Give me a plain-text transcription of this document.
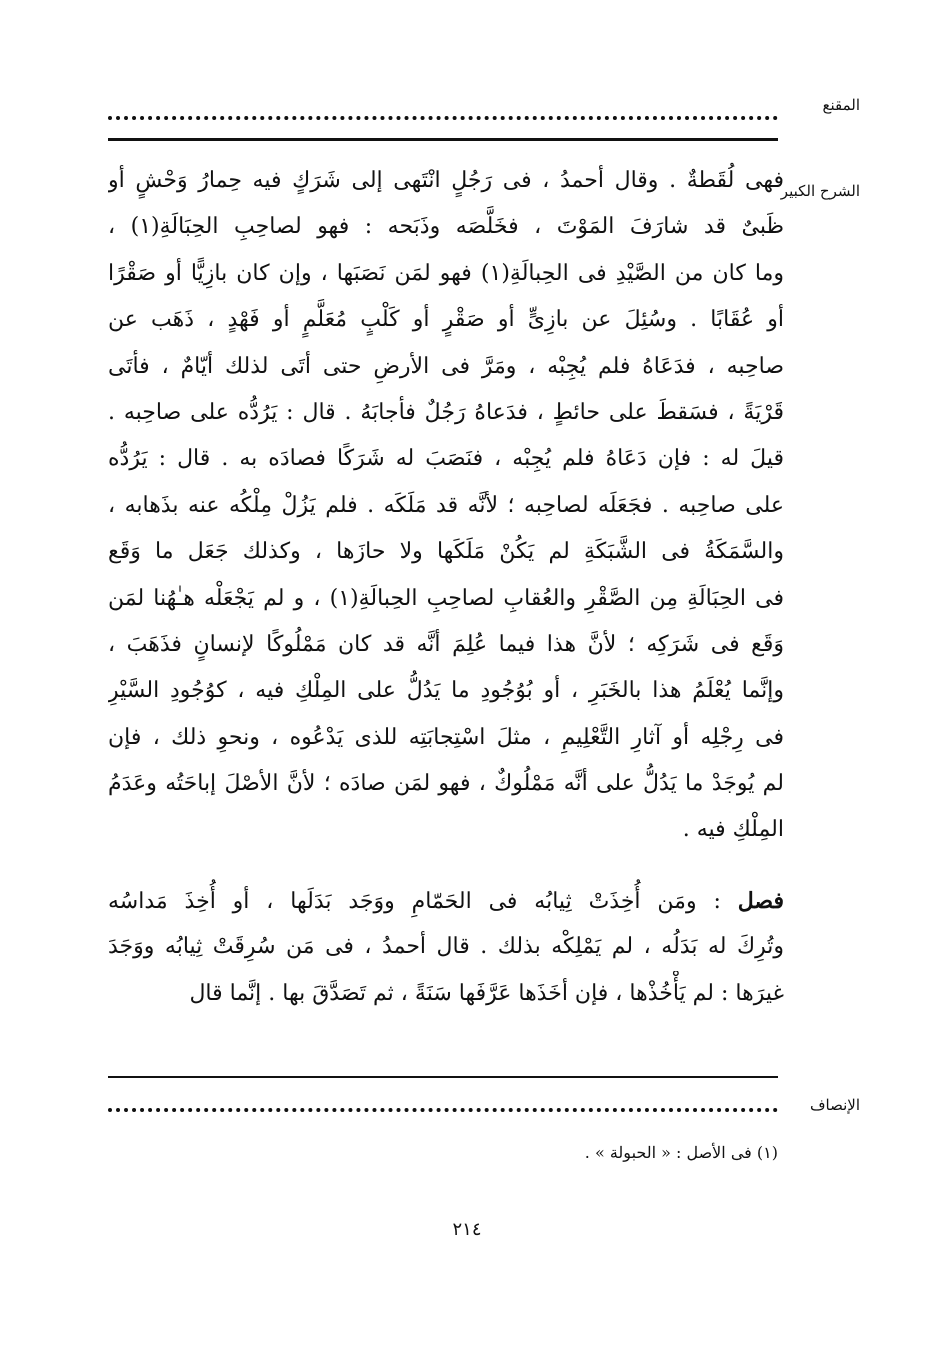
المقنع
الشرح الكبير
فهى لُقَطةٌ . وقال أحمدُ ، فى رَجُلٍ انْتَهى إلى شَرَكٍ فيه حِمارُ وَحْشٍ أو
ظَبىٌ قد شارَفَ المَوْتَ ، فخَلَّصَه وذَبَحه : فهو لصاحِبِ الحِبَالَةِ(١) ،
وما كان من الصَّيْدِ فى الحِبالَةِ(١) فهو لمَن نَصَبَها ، وإن كان بازِيًّا أو صَقْرًا
أو عُقَابًا . وسُئِلَ عن بازِىٍّ أو صَقْرٍ أو كَلْبٍ مُعَلَّمٍ أو فَهْدٍ ، ذَهَب عن
صاحِبه ، فدَعَاهُ فلم يُجِبْه ، ومَرَّ فى الأرضِ حتى أتَى لذلك أيّامٌ ، فأتَى
قَرْيَةً ، فسَقطَ على حائطٍ ، فدَعاهُ رَجُلٌ فأجابَهُ . قال : يَرُدُّه على صاحِبه .
قيلَ له : فإن دَعَاهُ فلم يُجِبْه ، فنَصَبَ له شَرَكًا فصادَه به . قال : يَرُدُّه
على صاحِبه . فجَعَلَه لصاحِبه ؛ لأنَّه قد مَلَكَه . فلم يَزُلْ مِلْكُه عنه بذَهابه ،
والسَّمَكَةُ فى الشَّبَكَةِ لم يَكُنْ مَلَكَها ولا حازَها ، وكذلك جَعَل ما وَقَع
فى الحِبَالَةِ مِن الصَّقْرِ والعُقابِ لصاحِبِ الحِبالَةِ(١) ، و لم يَجْعَلْه هـٰهُنا لمَن
وَقَع فى شَرَكِه ؛ لأنَّ هذا فيما عُلِمَ أنَّه قد كان مَمْلُوكًا لإنسانٍ فذَهَبَ ،
وإنَّما يُعْلَمُ هذا بالخَبَرِ ، أو بُوُجُودِ ما يَدُلُّ على المِلْكِ فيه ، كوُجُودِ السَّيْرِ
فى رِجْلِه أو آثارِ التَّعْلِيمِ ، مثلَ اسْتِجابَتِه للذى يَدْعُوه ، ونحوِ ذلك ، فإن
لم يُوجَدْ ما يَدُلُّ على أنَّه مَمْلُوكٌ ، فهو لمَن صادَه ؛ لأنَّ الأصْلَ إباحَتُه وعَدَمُ
المِلْكِ فيه .
فصل : ومَن أُخِذَتْ ثِيابُه فى الحَمّامِ ووَجَد بَدَلَها ، أو أُخِذَ مَداسُه
وتُرِكَ له بَدَلُه ، لم يَمْلِكْه بذلك . قال أحمدُ ، فى مَن سُرِقَتْ ثِيابُه ووَجَدَ
غيرَها : لم يَأْخُذْها ، فإن أخَذَها عَرَّفَها سَنَةً ، ثم تَصَدَّقَ بها . إنَّما قال
الإنصاف
(١) فى الأصل : « الحبولة » .
٢١٤
